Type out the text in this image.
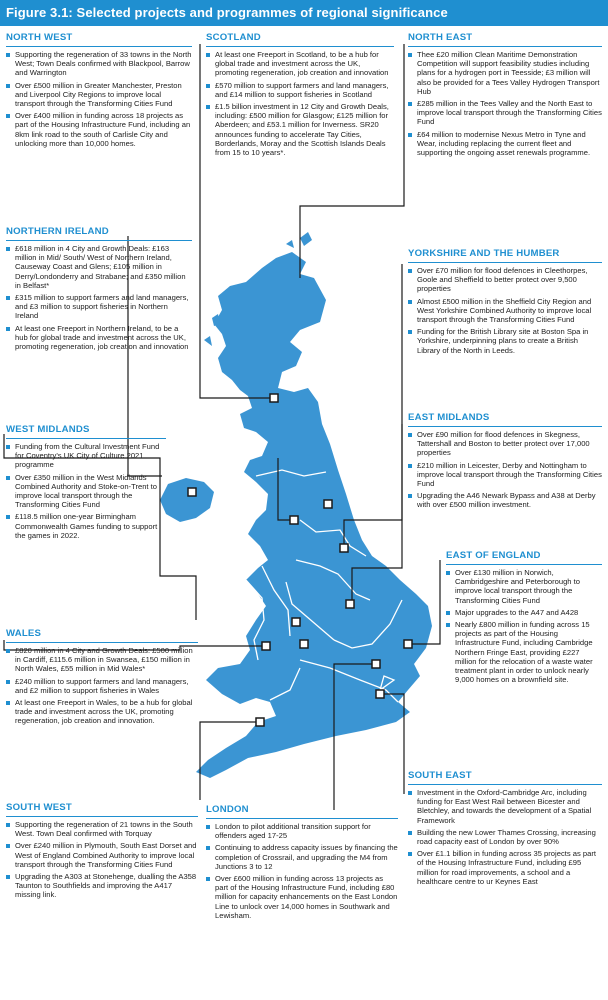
Figure 3.1: Selected projects and programmes of regional significance
NORTH WEST
Supporting the regeneration of 33 towns in the North West; Town Deals confirmed with Blackpool, Barrow and Warrington
Over £500 million in Greater Manchester, Preston and Liverpool City Regions to improve local transport through the Transforming Cities Fund
Over £400 million in funding across 18 projects as part of the Housing Infrastructure Fund, including an 8km link road to the south of Carlisle City and unlocking more than 10,000 homes.
SCOTLAND
At least one Freeport in Scotland, to be a hub for global trade and investment across the UK, promoting regeneration, job creation and innovation
£570 million to support farmers and land managers, and £14 million to support fisheries in Scotland
£1.5 billion investment in 12 City and Growth Deals, including: £500 million for Glasgow; £125 million for Aberdeen; and £53.1 million for Inverness. SR20 announces funding to accelerate Tay Cities, Borderlands, Moray and the Scottish Islands Deals from 15 to 10 years*.
NORTH EAST
Thee £20 million Clean Maritime Demonstration Competition will support feasibility studies including plans for a hydrogen port in Teesside; £3 million will also be provided for a Tees Valley Hydrogen Transport Hub
£285 million in the Tees Valley and the North East to improve local transport through the Transforming Cities Fund
£64 million to modernise Nexus Metro in Tyne and Wear, including replacing the current fleet and supporting the ongoing asset renewals programme.
NORTHERN IRELAND
£618 million in 4 City and Growth Deals: £163 million in Mid/ South/ West of Northern Ireland, Causeway Coast and Glens; £105 million in Derry/Londonderry and Strabane; and £350 million in Belfast*
£315 million to support farmers and land managers, and £3 million to support fisheries in Northern Ireland
At least one Freeport in Northern Ireland, to be a hub for global trade and investment across the UK, promoting regeneration, job creation and innovation
YORKSHIRE AND THE HUMBER
Over £70 million for flood defences in Cleethorpes, Goole and Sheffield to better protect over 9,500 properties
Almost £500 million in the Sheffield City Region and West Yorkshire Combined Authority to improve local transport through the Transforming Cities Fund
Funding for the British Library site at Boston Spa in Yorkshire, underpinning plans to create a British Library of the North in Leeds.
WEST MIDLANDS
Funding from the Cultural Investment Fund for Coventry's UK City of Culture 2021 programme
Over £350 million in the West Midlands Combined Authority and Stoke-on-Trent to improve local transport through the Transforming Cities Fund
£118.5 million one-year Birmingham Commonwealth Games funding to support the games in 2022.
EAST MIDLANDS
Over £90 million for flood defences in Skegness, Tattershall and Boston to better protect over 17,000 properties
£210 million in Leicester, Derby and Nottingham to improve local transport through the Transforming Cities Fund
Upgrading the A46 Newark Bypass and A38 at Derby with over £500 million investment.
EAST OF ENGLAND
Over £130 million in Norwich, Cambridgeshire and Peterborough to improve local transport through the Transforming Cities Fund
Major upgrades to the A47 and A428
Nearly £800 million in funding across 15 projects as part of the Housing Infrastructure Fund, including Cambridge Northern Fringe East, providing £227 million for the relocation of a waste water treatment plant in order to unlock nearly 9,000 homes on a brownfield site.
WALES
£820 million in 4 City and Growth Deals: £500 million in Cardiff, £115.6 million in Swansea, £150 million in North Wales, £55 million in Mid Wales*
£240 million to support farmers and land managers, and £2 million to support fisheries in Wales
At least one Freeport in Wales, to be a hub for global trade and investment across the UK, promoting regeneration, job creation and innovation.
SOUTH EAST
Investment in the Oxford-Cambridge Arc, including funding for East West Rail between Bicester and Bletchley, and towards the development of a Spatial Framework
Building the new Lower Thames Crossing, increasing road capacity east of London by over 90%
Over £1.1 billion in funding across 35 projects as part of the Housing Infrastructure Fund, including £95 million for road improvements, a school and a healthcare centre to ur Keynes East
SOUTH WEST
Supporting the regeneration of 21 towns in the South West. Town Deal confirmed with Torquay
Over £240 million in Plymouth, South East Dorset and West of England Combined Authority to improve local transport through the Transforming Cities Fund
Upgrading the A303 at Stonehenge, dualling the A358 Taunton to Southfields and improving the A417 missing link.
LONDON
London to pilot additional transition support for offenders aged 17-25
Continuing to address capacity issues by financing the completion of Crossrail, and upgrading the M4 from Junctions 3 to 12
Over £600 million in funding across 13 projects as part of the Housing Infrastructure Fund, including £80 million for capacity enhancements on the East London Line to unlock over 14,000 homes in Southwark and Lewisham.
